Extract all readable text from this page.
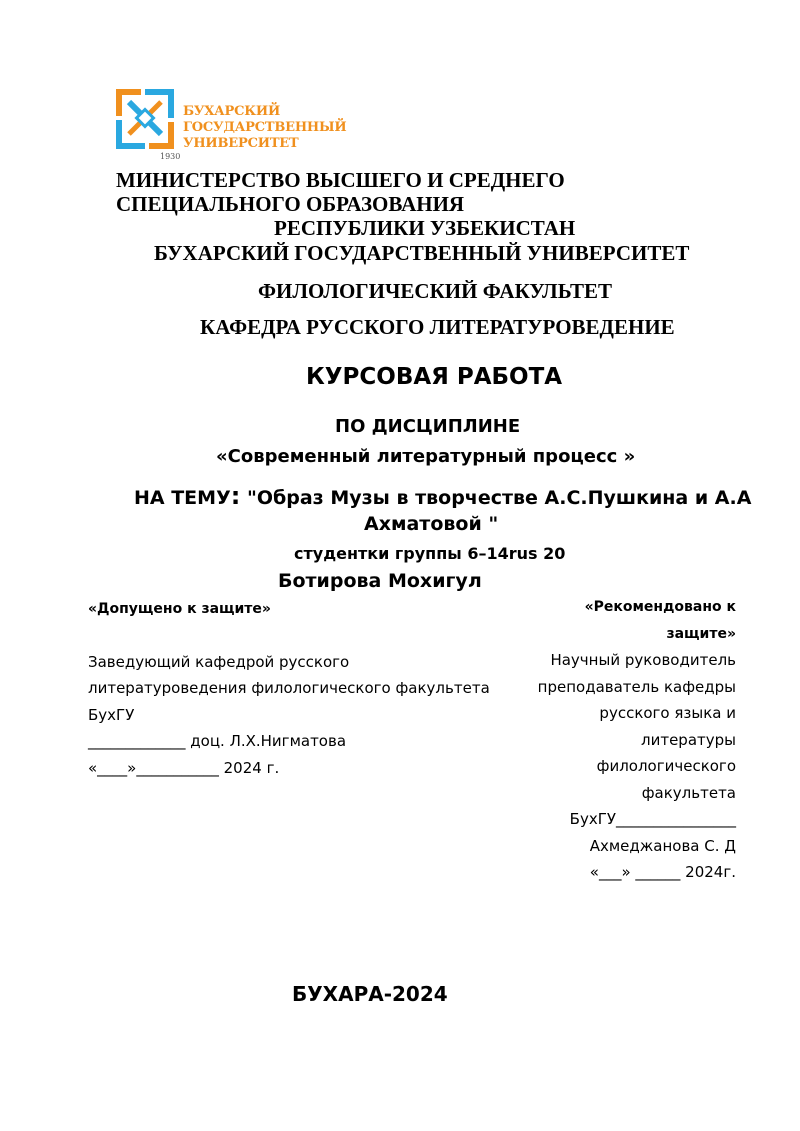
БУХАРСКИЙ
ГОСУДАРСТВЕННЫЙ
УНИВЕРСИТЕТ
1930
МИНИСТЕРСТВО ВЫСШЕГО И СРЕДНЕГО
СПЕЦИАЛЬНОГО ОБРАЗОВАНИЯ
РЕСПУБЛИКИ УЗБЕКИСТАН
БУХАРСКИЙ ГОСУДАРСТВЕННЫЙ УНИВЕРСИТЕТ
ФИЛОЛОГИЧЕСКИЙ ФАКУЛЬТЕТ
КАФЕДРА РУССКОГО ЛИТЕРАТУРОВЕДЕНИЕ
КУРСОВАЯ РАБОТА
ПО ДИСЦИПЛИНЕ
«Современный литературный процесс »
НА ТЕМУ: "Образ Музы в творчестве А.С.Пушкина и А.А
Ахматовой "
студентки группы 6–14rus 20
Ботирова Мохигул
«Допущено к защите»
Заведующий кафедрой русского
литературоведения филологического факультета
БухГУ
_____________ доц. Л.Х.Нигматова
«____»___________ 2024 г.
«Рекомендовано к
защите»
Научный руководитель
преподаватель кафедры
русского языка и
литературы
филологического
факультета
БухГУ________________
Ахмеджанова С. Д
«___» ______ 2024г.
БУХАРА-2024
